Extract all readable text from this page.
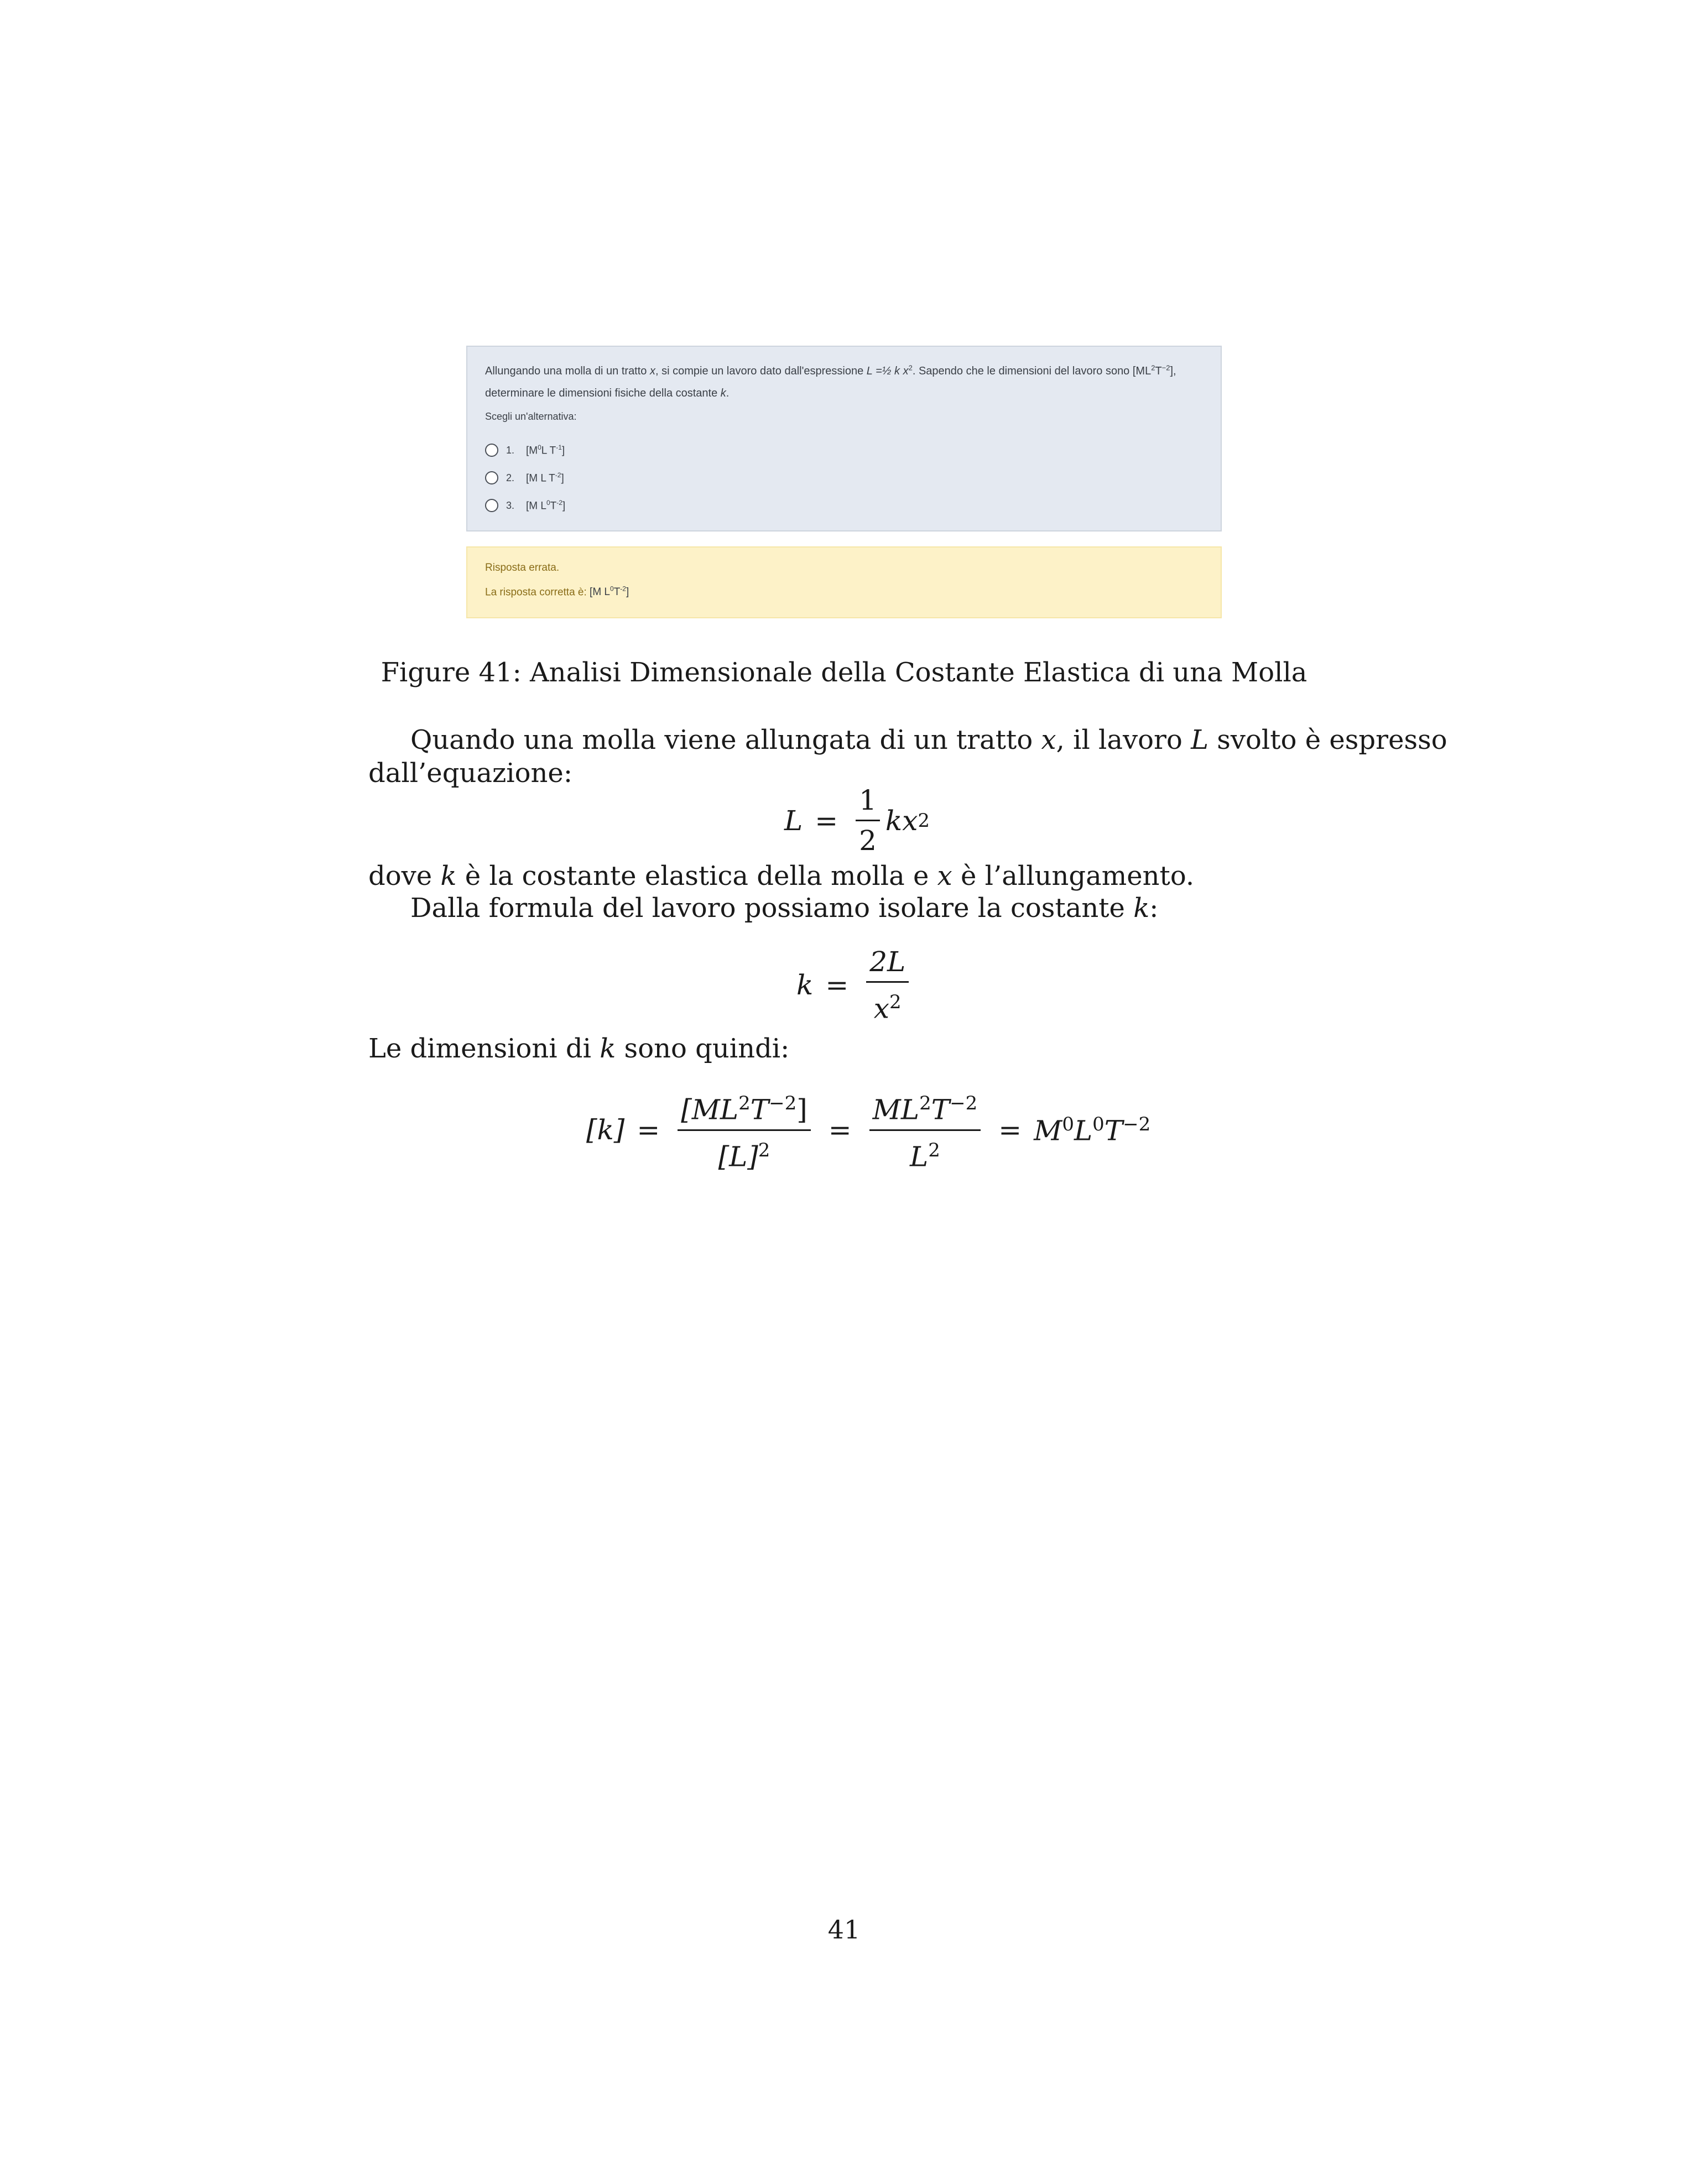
Allungando una molla di un tratto x, si compie un lavoro dato dall'espressione L =½ k $x^2$. Sapendo che le dimensioni del lavoro sono $[ML^2T^{-2}]$,
determinare le dimensioni fisiche della costante k.
Scegli un'alternativa:
1.	[$M^0L$ $T^{-1}$]
2.	[M L $T^{-2}$]
3.	[M $L^0T^{-2}$]
Risposta errata.
La risposta corretta è: [M $L^0T^{-2}$]
Figure 41: Analisi Dimensionale della Costante Elastica di una Molla
Quando una molla viene allungata di un tratto x, il lavoro L svolto è espresso
dall’equazione:
$L = \frac{1}{2}$ kx 2
dove k è la costante elastica della molla e x è l’allungamento.
Dalla formula del lavoro possiamo isolare la costante k:
$k = \frac{2L}{x^2}$
Le dimensioni di k sono quindi:
$[k] = \frac{[ML^2T^{-2}]}{[L]^2} = \frac{ML^2T^{-2}}{L^2} = M^0L^0T^{-2}$
41
